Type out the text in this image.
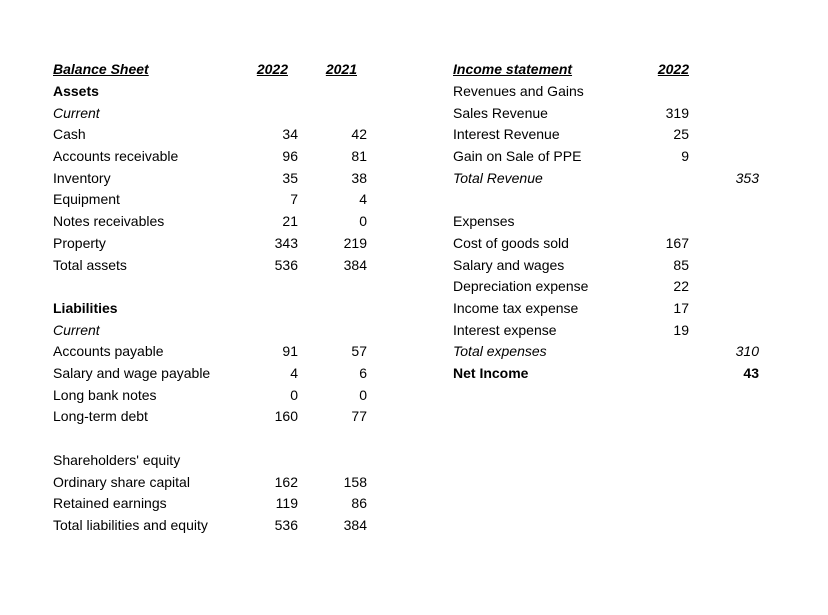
Balance Sheet	2022	2021
Assets
Current
Cash	34	42
Accounts receivable	96	81
Inventory	35	38
Equipment	7	4
Notes receivables	21	0
Property	343	219
Total assets	536	384
Liabilities
Current
Accounts payable	91	57
Salary and wage payable	4	6
Long bank notes	0	0
Long-term debt	160	77
Shareholders' equity
Ordinary share capital	162	158
Retained earnings	119	86
Total liabilities and equity	536	384
Income statement	2022
Revenues and Gains
Sales Revenue	319
Interest Revenue	25
Gain on Sale of PPE	9
Total Revenue	353
Expenses
Cost of goods sold	167
Salary and wages	85
Depreciation expense	22
Income tax expense	17
Interest expense	19
Total expenses	310
Net Income	43
